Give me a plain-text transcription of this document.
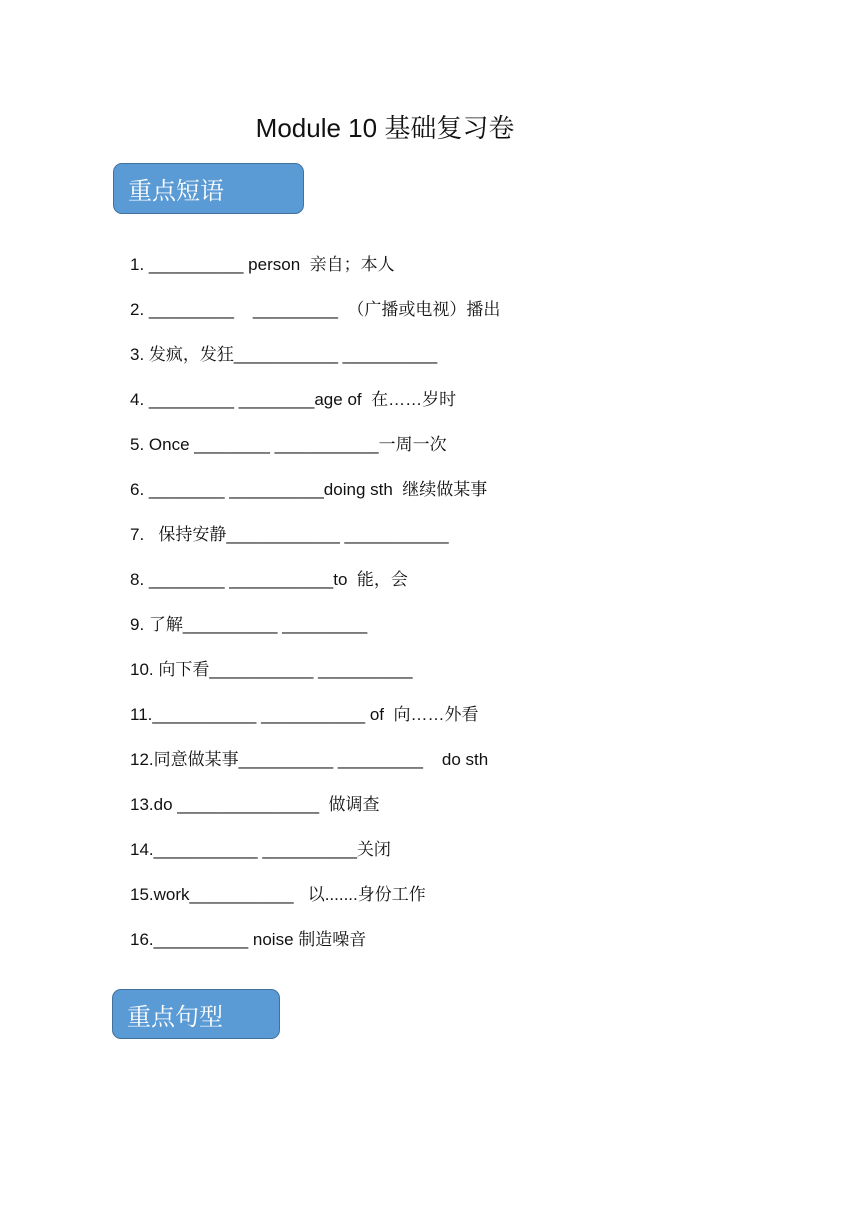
Module 10 基础复习卷
重点短语
1. __________ person  亲自；本人
2. _________    _________  （广播或电视）播出
3. 发疯，发狂___________ __________
4. _________ ________age of  在……岁时
5. Once ________ ___________一周一次
6. ________ __________doing sth  继续做某事
7.   保持安静____________ ___________
8. ________ ___________to  能，会
9. 了解__________ _________
10. 向下看___________ __________
11.___________ ___________ of  向……外看
12.同意做某事__________ _________    do sth
13.do _______________  做调查
14.___________ __________关闭
15.work___________   以.......身份工作
16.__________ noise 制造噪音
重点句型
